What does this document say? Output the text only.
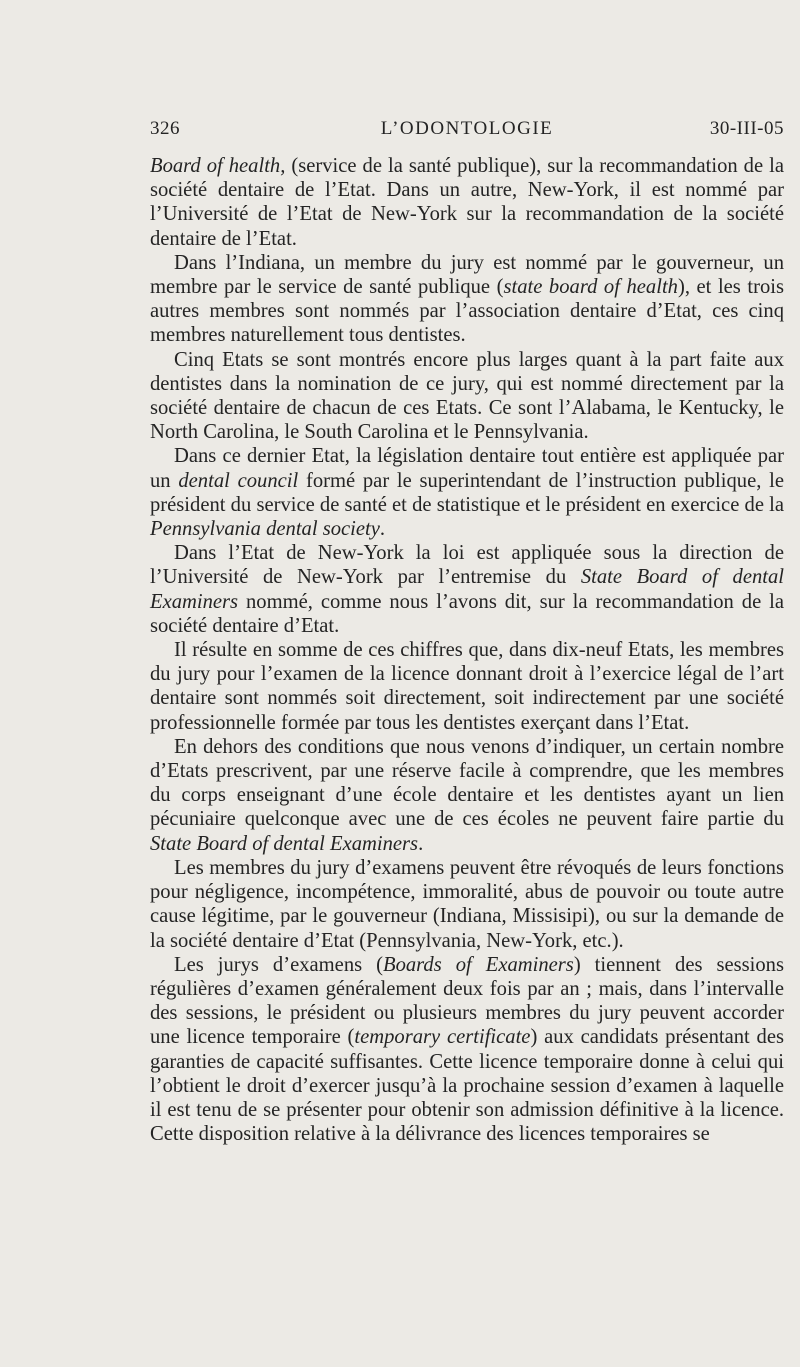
326	L’ODONTOLOGIE	30-III-05

Board of health, (service de la santé publique), sur la recommandation de la société dentaire de l’Etat. Dans un autre, New-York, il est nommé par l’Université de l’Etat de New-York sur la recommandation de la société dentaire de l’Etat.

Dans l’Indiana, un membre du jury est nommé par le gouverneur, un membre par le service de santé publique (state board of health), et les trois autres membres sont nommés par l’association dentaire d’Etat, ces cinq membres naturellement tous dentistes.

Cinq Etats se sont montrés encore plus larges quant à la part faite aux dentistes dans la nomination de ce jury, qui est nommé directement par la société dentaire de chacun de ces Etats. Ce sont l’Alabama, le Kentucky, le North Carolina, le South Carolina et le Pennsylvania.

Dans ce dernier Etat, la législation dentaire tout entière est appliquée par un dental council formé par le superintendant de l’instruction publique, le président du service de santé et de statistique et le président en exercice de la Pennsylvania dental society.

Dans l’Etat de New-York la loi est appliquée sous la direction de l’Université de New-York par l’entremise du State Board of dental Examiners nommé, comme nous l’avons dit, sur la recommandation de la société dentaire d’Etat.

Il résulte en somme de ces chiffres que, dans dix-neuf Etats, les membres du jury pour l’examen de la licence donnant droit à l’exercice légal de l’art dentaire sont nommés soit directement, soit indirectement par une société professionnelle formée par tous les dentistes exerçant dans l’Etat.

En dehors des conditions que nous venons d’indiquer, un certain nombre d’Etats prescrivent, par une réserve facile à comprendre, que les membres du corps enseignant d’une école dentaire et les dentistes ayant un lien pécuniaire quelconque avec une de ces écoles ne peuvent faire partie du State Board of dental Examiners.

Les membres du jury d’examens peuvent être révoqués de leurs fonctions pour négligence, incompétence, immoralité, abus de pouvoir ou toute autre cause légitime, par le gouverneur (Indiana, Missisipi), ou sur la demande de la société dentaire d’Etat (Pennsylvania, New-York, etc.).

Les jurys d’examens (Boards of Examiners) tiennent des sessions régulières d’examen généralement deux fois par an ; mais, dans l’intervalle des sessions, le président ou plusieurs membres du jury peuvent accorder une licence temporaire (temporary certificate) aux candidats présentant des garanties de capacité suffisantes. Cette licence temporaire donne à celui qui l’obtient le droit d’exercer jusqu’à la prochaine session d’examen à laquelle il est tenu de se présenter pour obtenir son admission définitive à la licence. Cette disposition relative à la délivrance des licences temporaires se
